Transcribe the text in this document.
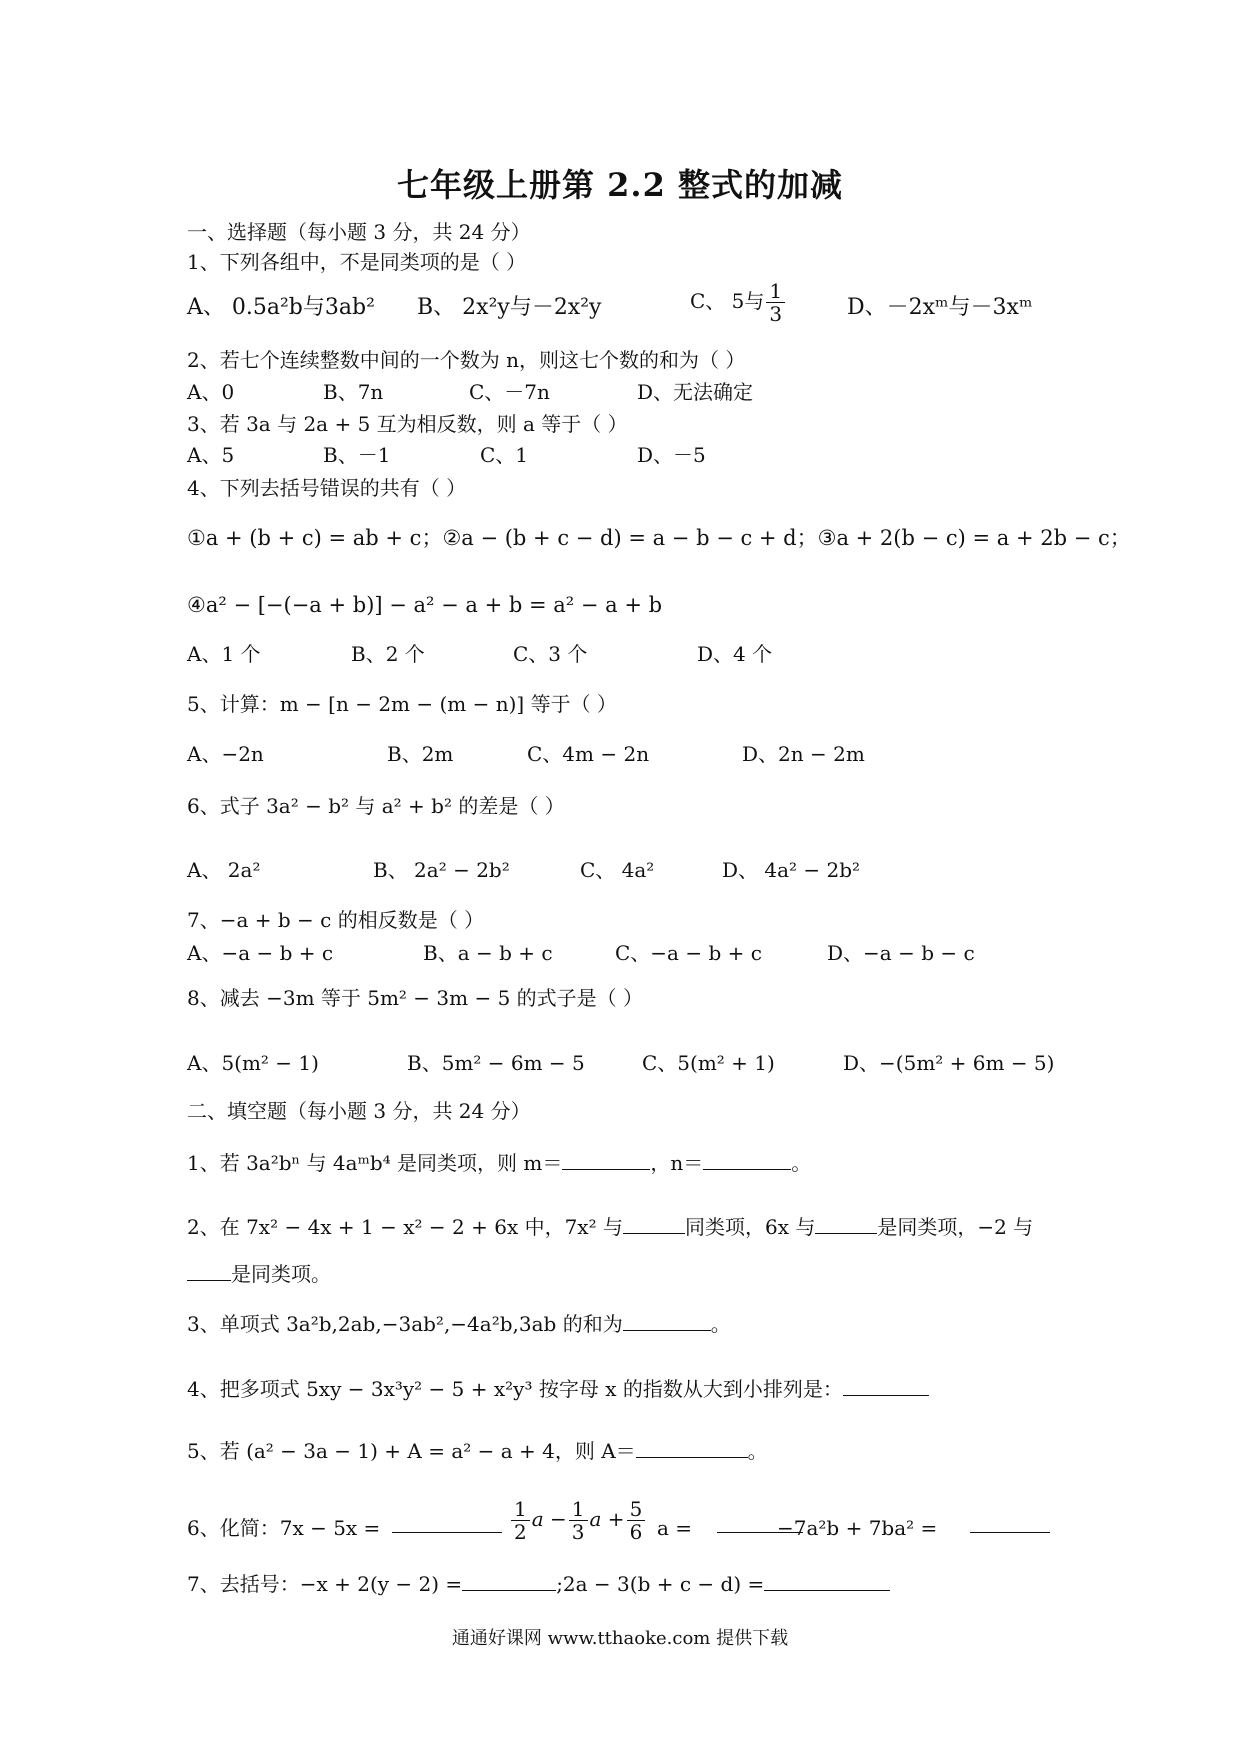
七年级上册第 2.2 整式的加减
一、选择题（每小题 3 分，共 24 分）
1、下列各组中，不是同类项的是（ ）
A、 0.5a²b与3ab² B、 2x²y与－2x²y	C、 5与 $\frac{1}{3}$	D、－2xᵐ与－3xᵐ
2、若七个连续整数中间的一个数为 n，则这七个数的和为（ ）
A、0	B、7n	C、－7n	D、无法确定
3、若 3a 与 2a + 5 互为相反数，则 a 等于（ ）
A、5	B、－1	C、1	D、－5
4、下列去括号错误的共有（ ）
①a + (b + c) = ab + c；②a − (b + c − d) = a − b − c + d；③a + 2(b − c) = a + 2b − c；
④a² − [−(−a + b)] − a² − a + b = a² − a + b
A、1 个	B、2 个	C、3 个	D、4 个
5、计算：m − [n − 2m − (m − n)] 等于（ ）
A、−2n	B、2m	C、4m − 2n	D、2n − 2m
6、式子 3a² − b² 与 a² + b² 的差是（ ）
A、 2a²	B、 2a² − 2b²	C、 4a²	D、 4a² − 2b²
7、−a + b − c 的相反数是（ ）
A、−a − b + c	B、a − b + c	C、−a − b + c	D、−a − b − c
8、减去 −3m 等于 5m² − 3m − 5 的式子是（ ）
A、5(m² − 1)	B、5m² − 6m − 5	C、5(m² + 1)	D、−(5m² + 6m − 5)
二、填空题（每小题 3 分，共 24 分）
1、若 3a²bⁿ 与 4aᵐb⁴ 是同类项，则 m＝	，n＝	。
2、在 7x² − 4x + 1 − x² − 2 + 6x 中，7x² 与	同类项，6x 与	是同类项，−2 与
是同类项。
3、单项式 3a²b,2ab,−3ab²,−4a²b,3ab 的和为	。
4、把多项式 5xy − 3x³y² − 5 + x²y³ 按字母 x 的指数从大到小排列是：
5、若 (a² − 3a − 1) + A = a² − a + 4，则 A＝	。
6、化简：7x − 5x =	$\frac{1}{2}$ $a - \frac{1}{3}$ $a + \frac{5}{6}$ a =	−7a²b + 7ba² =
7、去括号：−x + 2(y − 2) =	;2a − 3(b + c − d) =
通通好课网 www.tthaoke.com 提供下载
